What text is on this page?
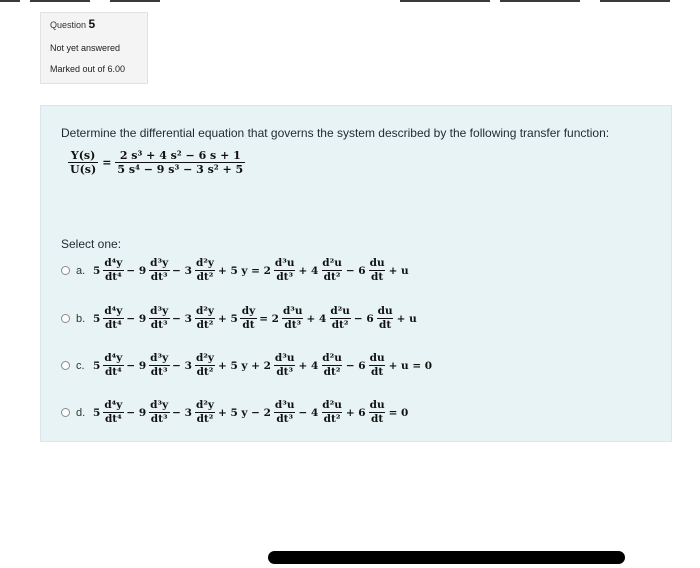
Question 5
Not yet answered
Marked out of 6.00
Determine the differential equation that governs the system described by the following transfer function:
$\frac{Y(s)}{U(s)} = \frac{\text{2 s³ + 4 s² − 6 s + 1}}{\text{5 s⁴ − 9 s³ − 3 s² + 5}}$
Select one:
a. $5 \frac{\text{d⁴y}}{\text{dt⁴}} - 9 \frac{\text{d³y}}{\text{dt³}} - 3 \frac{\text{d²y}}{\text{dt²}} + 5$ $y = 2 \frac{\text{d³u}}{\text{dt³}} + 4 \frac{\text{d²u}}{\text{dt²}} - 6 \frac{du}{dt} + u$
b. $5 \frac{\text{d⁴y}}{\text{dt⁴}} - 9 \frac{\text{d³y}}{\text{dt³}} - 3 \frac{\text{d²y}}{\text{dt²}} + 5 \frac{dy}{dt} = 2 \frac{\text{d³u}}{\text{dt³}} + 4 \frac{\text{d²u}}{\text{dt²}} - 6 \frac{du}{dt} + u$
c. $5 \frac{\text{d⁴y}}{\text{dt⁴}} - 9 \frac{\text{d³y}}{\text{dt³}} - 3 \frac{\text{d²y}}{\text{dt²}} + 5$ $y + 2 \frac{\text{d³u}}{\text{dt³}} + 4 \frac{\text{d²u}}{\text{dt²}} - 6 \frac{du}{dt} + u = 0$
d. $5 \frac{\text{d⁴y}}{\text{dt⁴}} - 9 \frac{\text{d³y}}{\text{dt³}} - 3 \frac{\text{d²y}}{\text{dt²}} + 5$ $y - 2 \frac{\text{d³u}}{\text{dt³}} - 4 \frac{\text{d²u}}{\text{dt²}} + 6 \frac{du}{dt} = 0$
